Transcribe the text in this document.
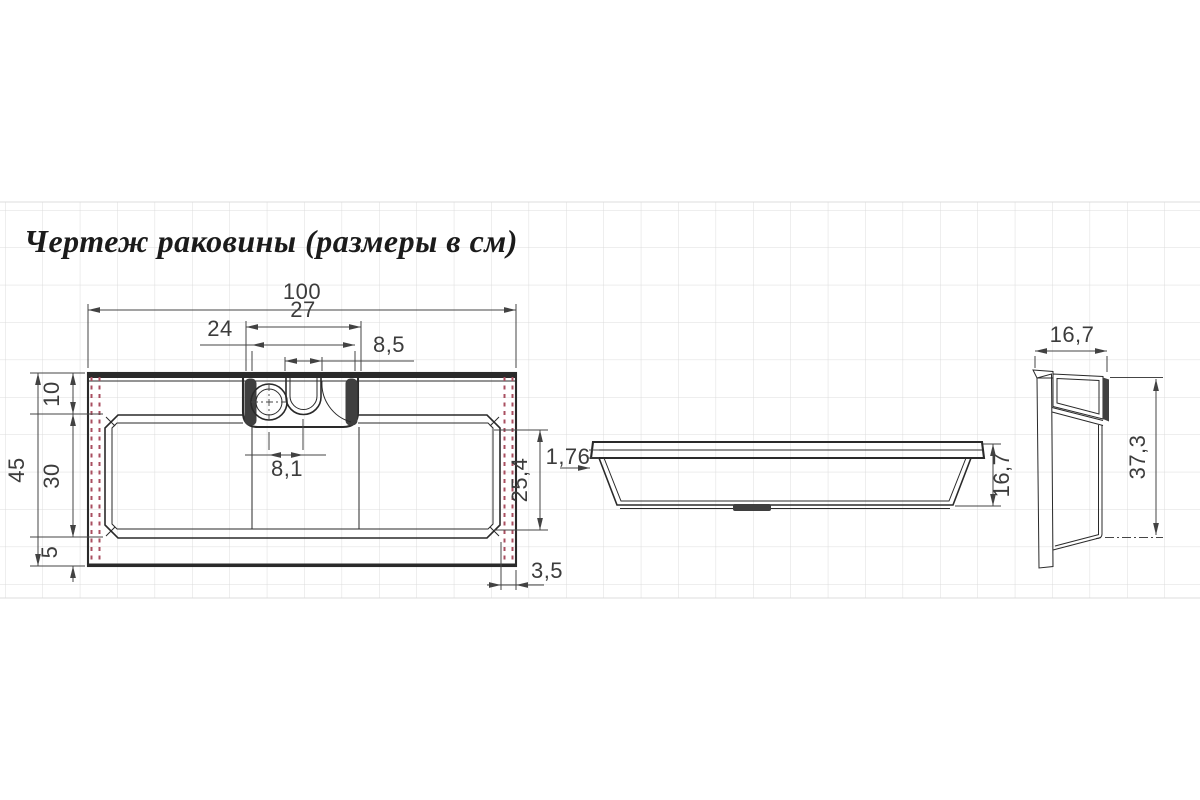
Чертеж раковины (размеры в см)
100
27
24
8,5
8,1
45
10
30
5
25,4
3,5
1,76	16,7
16,7
37,3
